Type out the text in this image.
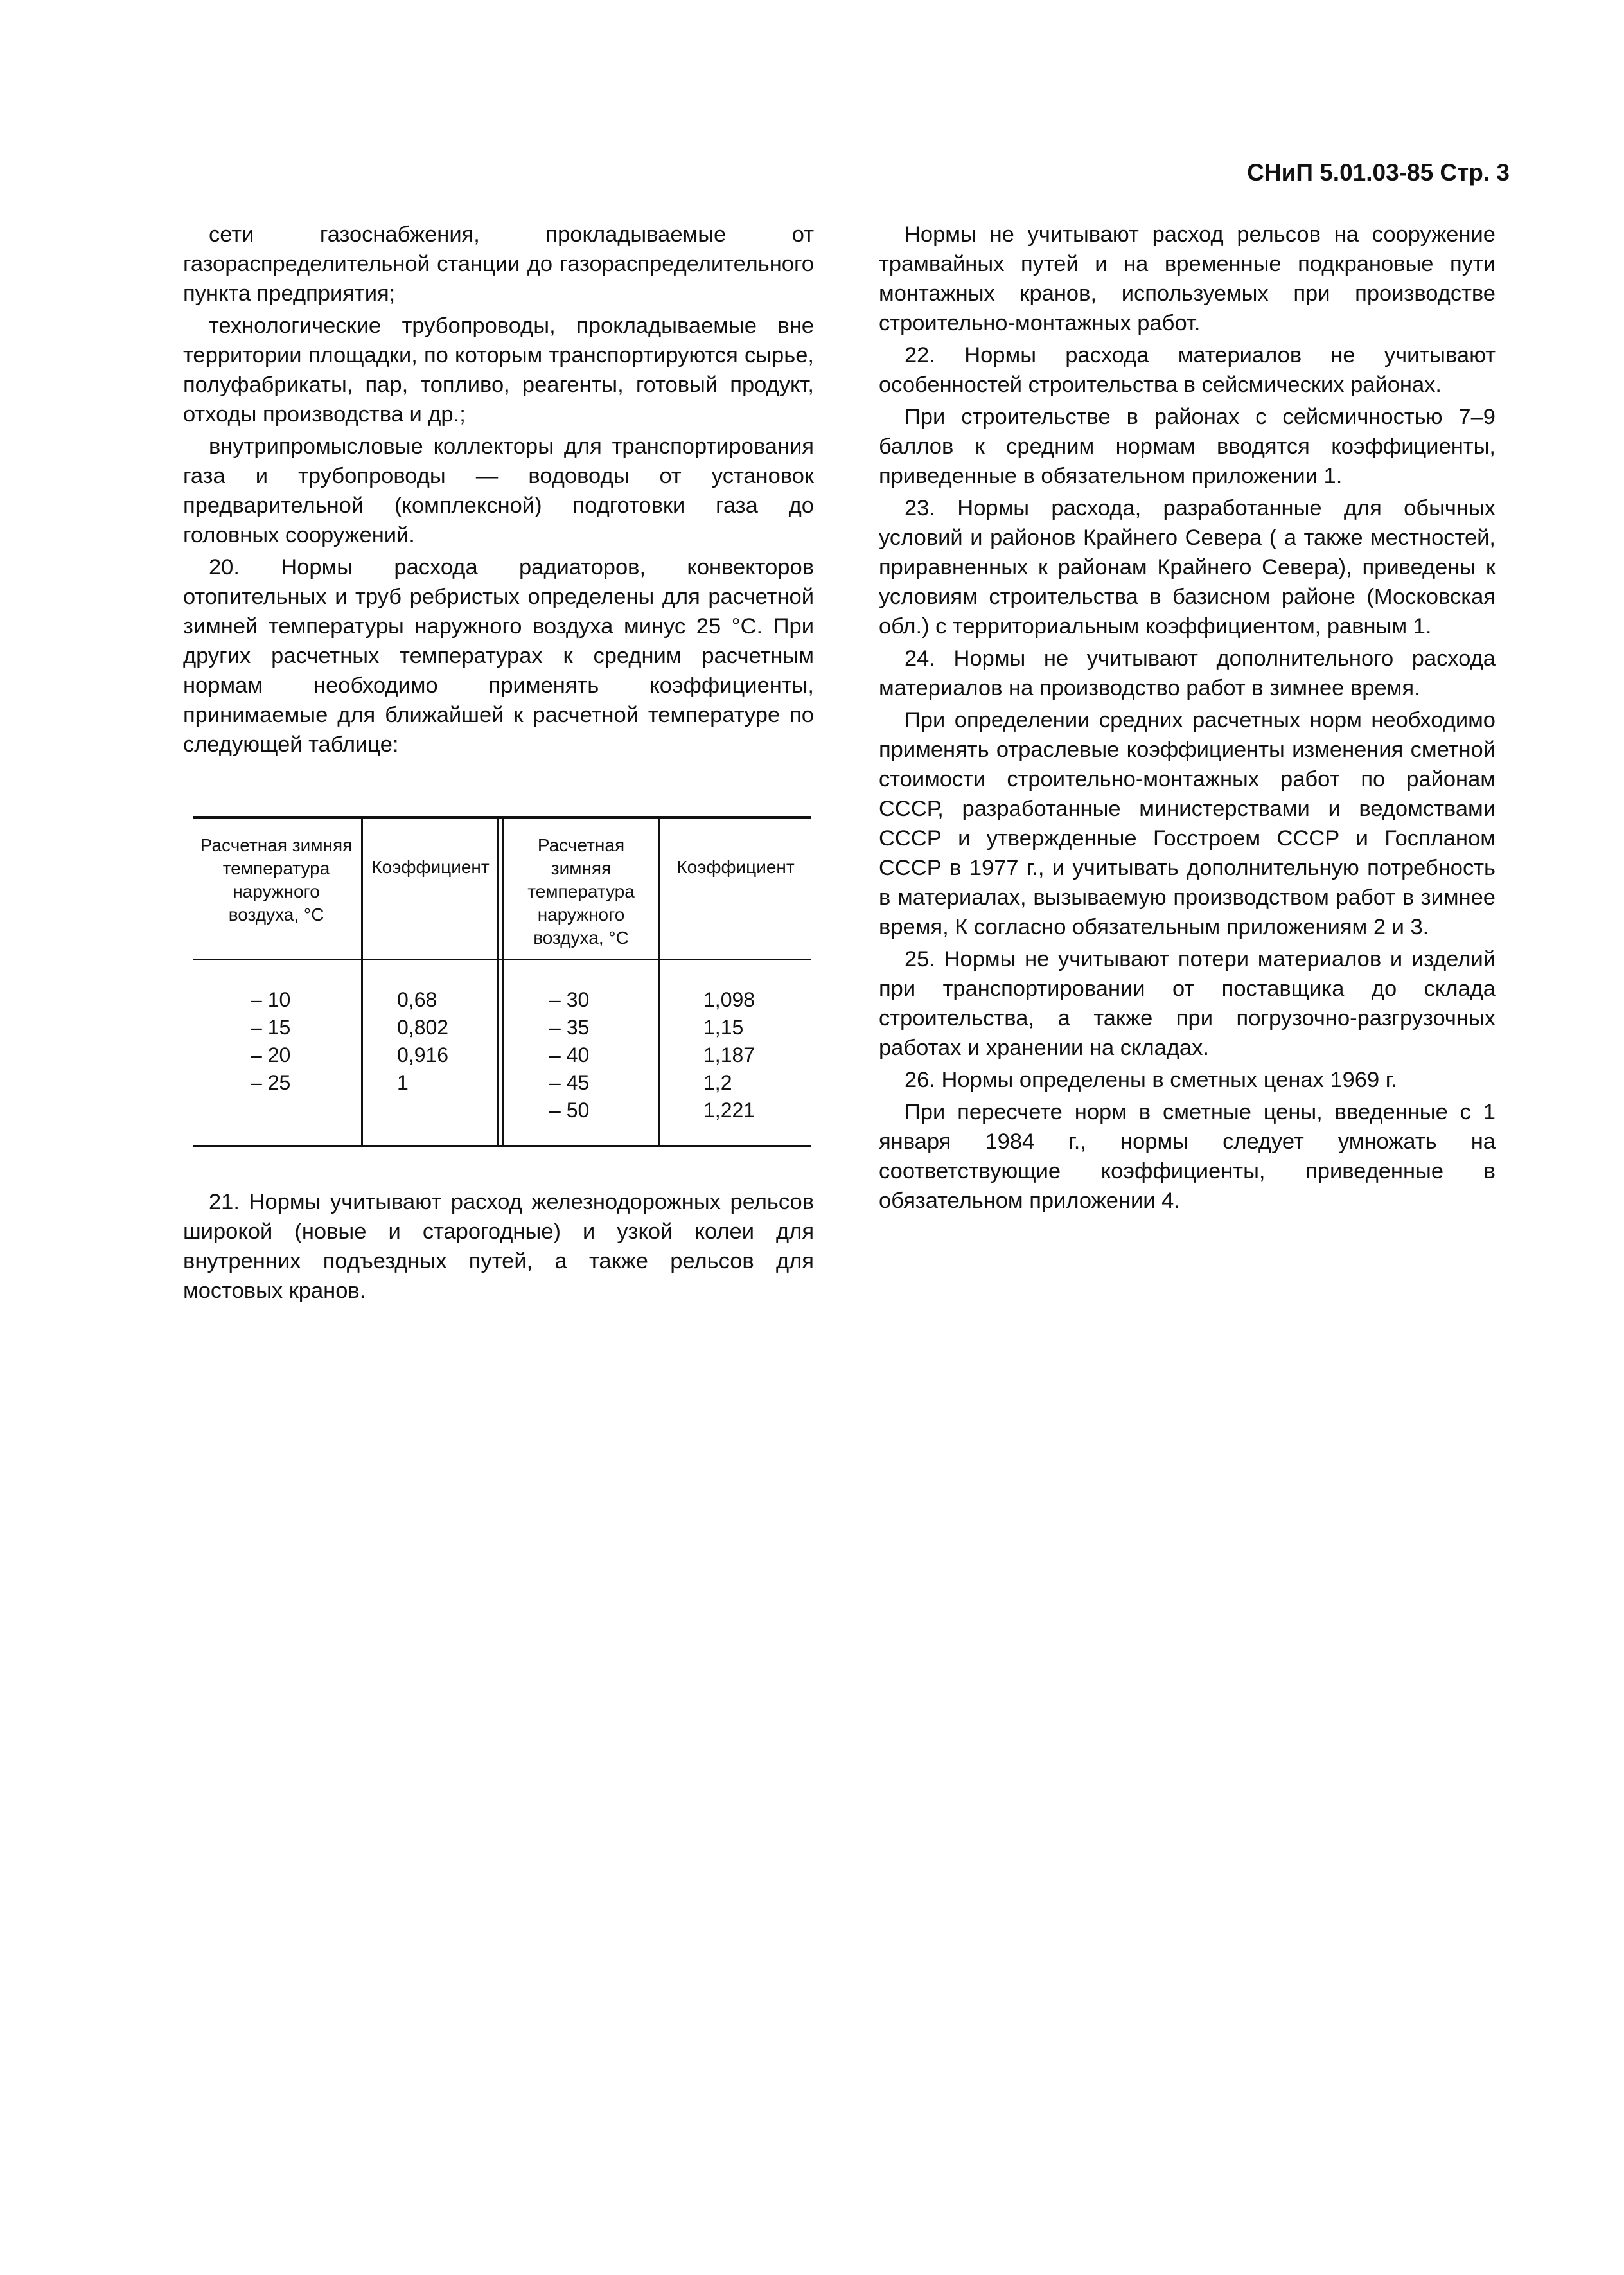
СНиП 5.01.03-85 Стр. 3

сети газоснабжения, прокладываемые от газораспределительной станции до газораспределительного пункта предприятия;

технологические трубопроводы, прокладываемые вне территории площадки, по которым транспортируются сырье, полуфабрикаты, пар, топливо, реагенты, готовый продукт, отходы производства и др.;

внутрипромысловые коллекторы для транспортирования газа и трубопроводы — водоводы от установок предварительной (комплексной) подготовки газа до головных сооружений.

20. Нормы расхода радиаторов, конвекторов отопительных и труб ребристых определены для расчетной зимней температуры наружного воздуха минус 25 °С. При других расчетных температурах к средним расчетным нормам необходимо применять коэффициенты, принимаемые для ближайшей к расчетной температуре по следующей таблице:

Расчетная зимняя температура наружного воздуха, °С
Коэффициент
Расчетная зимняя температура наружного воздуха, °С
Коэффициент
– 10
– 15
– 20
– 25
0,68
0,802
0,916
1
– 30
– 35
– 40
– 45
– 50
1,098
1,15
1,187
1,2
1,221

21. Нормы учитывают расход железнодорожных рельсов широкой (новые и старогодные) и узкой колеи для внутренних подъездных путей, а также рельсов для мостовых кранов.

Нормы не учитывают расход рельсов на сооружение трамвайных путей и на временные подкрановые пути монтажных кранов, используемых при производстве строительно-монтажных работ.

22. Нормы расхода материалов не учитывают особенностей строительства в сейсмических районах.

При строительстве в районах с сейсмичностью 7–9 баллов к средним нормам вводятся коэффициенты, приведенные в обязательном приложении 1.

23. Нормы расхода, разработанные для обычных условий и районов Крайнего Севера ( а также местностей, приравненных к районам Крайнего Севера), приведены к условиям строительства в базисном районе (Московская обл.) с территориальным коэффициентом, равным 1.

24. Нормы не учитывают дополнительного расхода материалов на производство работ в зимнее время.

При определении средних расчетных норм необходимо применять отраслевые коэффициенты изменения сметной стоимости строительно-монтажных работ по районам СССР, разработанные министерствами и ведомствами СССР и утвержденные Госстроем СССР и Госпланом СССР в 1977 г., и учитывать дополнительную потребность в материалах, вызываемую производством работ в зимнее время, К согласно обязательным приложениям 2 и 3.

25. Нормы не учитывают потери материалов и изделий при транспортировании от поставщика до склада строительства, а также при погрузочно-разгрузочных работах и хранении на складах.

26. Нормы определены в сметных ценах 1969 г.

При пересчете норм в сметные цены, введенные с 1 января 1984 г., нормы следует умножать на соответствующие коэффициенты, приведенные в обязательном приложении 4.
